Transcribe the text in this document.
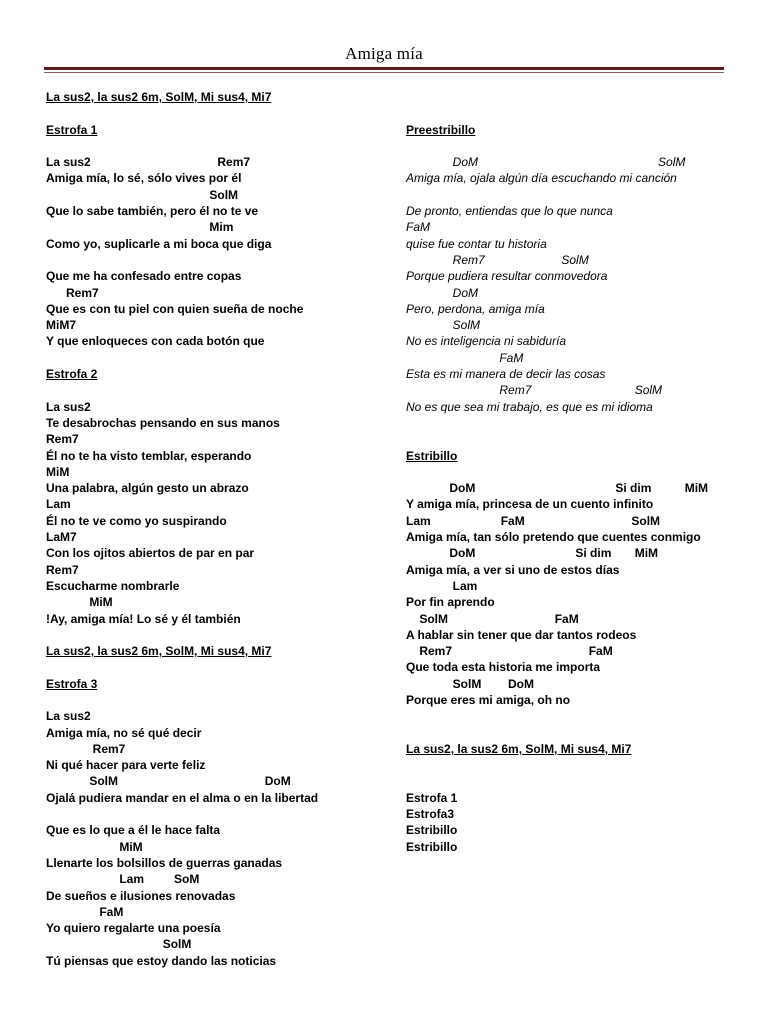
Amiga mía
La sus2, la sus2 6m, SolM, Mi sus4, Mi7
Estrofa 1
La sus2                                      Rem7
Amiga mía, lo sé, sólo vives por él
SolM
Que lo sabe también, pero él no te ve
Mim
Como yo, suplicarle a mi boca que diga
Que me ha confesado entre copas
Rem7
Que es con tu piel con quien sueña de noche
MiM7
Y que enloqueces con cada botón que
Estrofa 2
La sus2
Te desabrochas pensando en sus manos
Rem7
Él no te ha visto temblar, esperando
MiM
Una palabra, algún gesto un abrazo
Lam
Él no te ve como yo suspirando
LaM7
Con los ojitos abiertos de par en par
Rem7
Escucharme nombrarle
MiM
!Ay, amiga mía! Lo sé y él también
La sus2, la sus2 6m, SolM, Mi sus4, Mi7
Estrofa 3
La sus2
Amiga mía, no sé qué decir
Rem7
Ni qué hacer para verte feliz
SolM                                            DoM
Ojalá pudiera mandar en el alma o en la libertad
Que es lo que a él le hace falta
MiM
Llenarte los bolsillos de guerras ganadas
Lam         SoM
De sueños e ilusiones renovadas
FaM
Yo quiero regalarte una poesía
SolM
Tú piensas que estoy dando las noticias
Preestribillo
DoM                                                      SolM
Amiga mía, ojala algún día escuchando mi canción
De pronto, entiendas que lo que nunca
FaM
quise fue contar tu historia
Rem7                       SolM
Porque pudiera resultar conmovedora
DoM
Pero, perdona, amiga mía
SolM
No es inteligencia ni sabiduría
FaM
Esta es mi manera de decir las cosas
Rem7                               SolM
No es que sea mi trabajo, es que es mi idioma
Estribillo
DoM                                          Si dim          MiM
Y amiga mía, princesa de un cuento infinito
Lam                     FaM                                SolM
Amiga mía, tan sólo pretendo que cuentes conmigo
DoM                              Si dim       MiM
Amiga mía, a ver si uno de estos días
Lam
Por fin aprendo
SolM                                FaM
A hablar sin tener que dar tantos rodeos
Rem7                                         FaM
Que toda esta historia me importa
SolM        DoM
Porque eres mi amiga, oh no
La sus2, la sus2 6m, SolM, Mi sus4, Mi7
Estrofa 1
Estrofa3
Estribillo
Estribillo
